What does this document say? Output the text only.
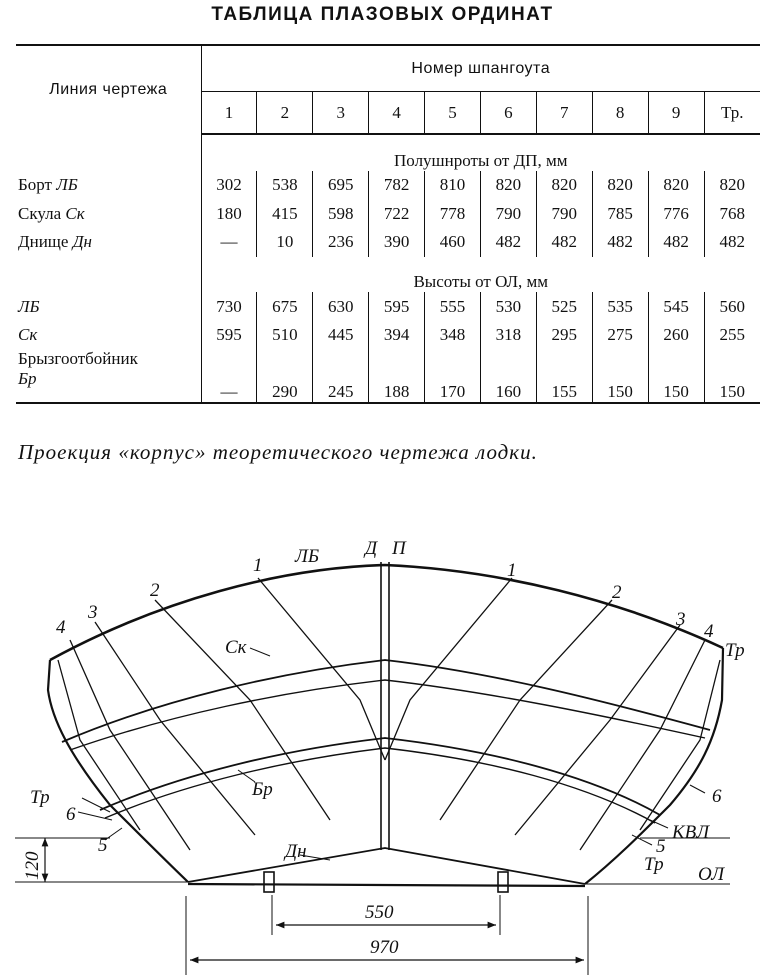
ТАБЛИЦА ПЛАЗОВЫХ ОРДИНАТ
Линия чертежа	Номер шпангоута									
	1	2	3	4	5	6	7	8	9	Тр.
	Полушнроты от ДП, мм									
Борт ЛБ	302	538	695	782	810	820	820	820	820	820
Скула Ск	180	415	598	722	778	790	790	785	776	768
Днище Дн	—	10	236	390	460	482	482	482	482	482
	Высоты от ОЛ, мм									
ЛБ	730	675	630	595	555	530	525	535	545	560
Ск	595	510	445	394	348	318	295	275	260	255
Брызгоотбойник
Бр	—	290	245	188	170	160	155	150	150	150
Проекция «корпус» теоретического чертежа лодки.
1 ЛБ Д П
1
2	2
3	3
4	4
Тр
Ск
Бр
Тр
6
5
6
КВЛ
5
Тр ОЛ
Дн
550
970
120
